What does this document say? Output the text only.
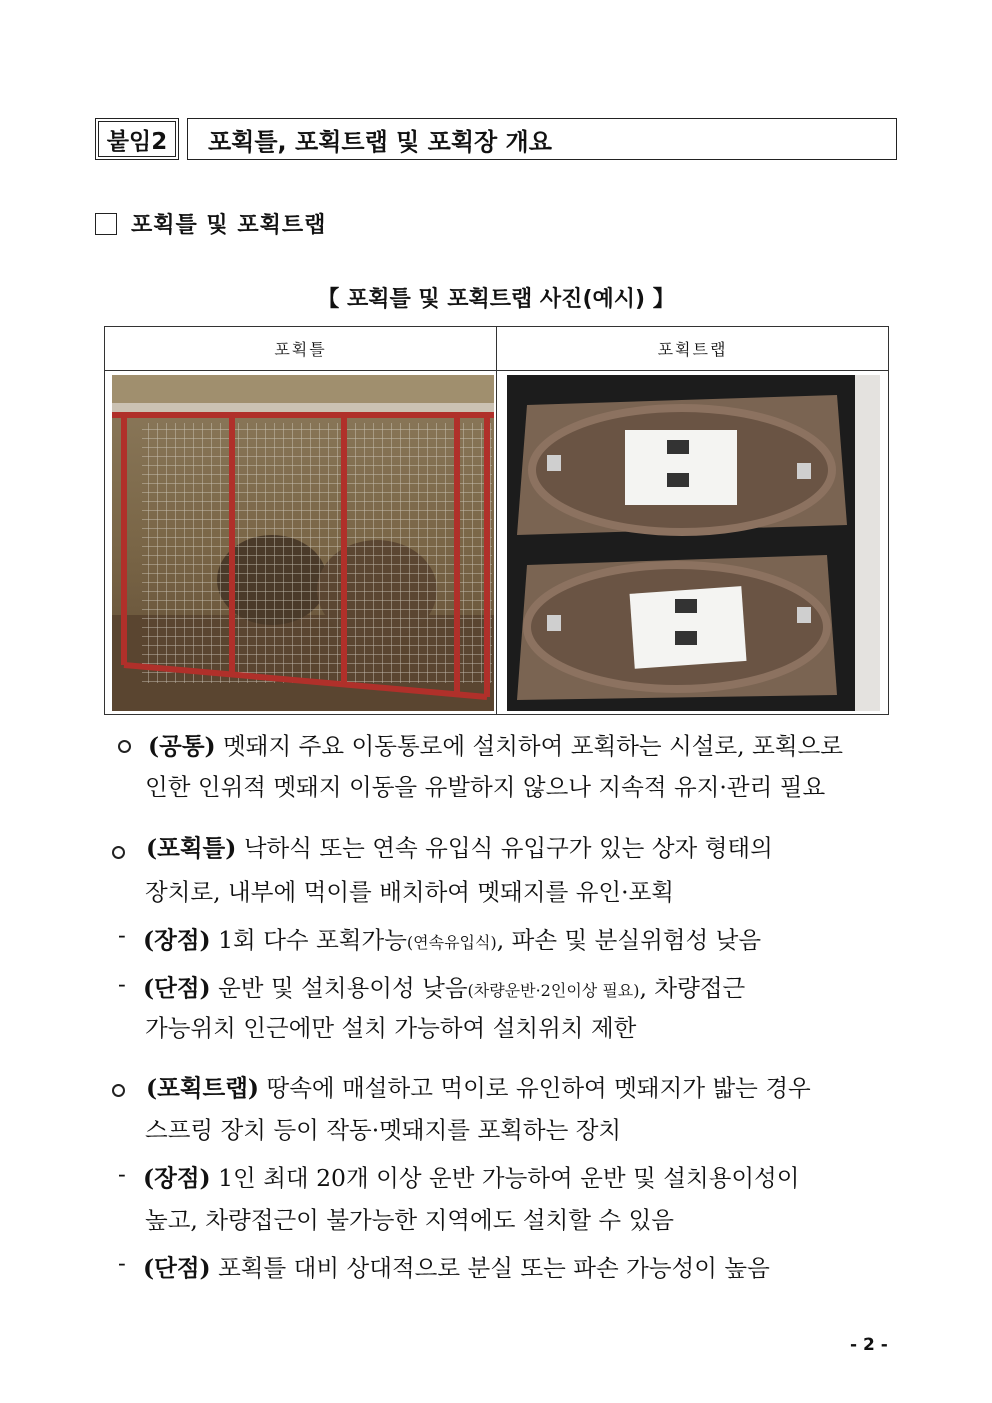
붙임2	포획틀, 포획트랩 및 포획장 개요
포획틀 및 포획트랩
【 포획틀 및 포획트랩 사진(예시) 】
포획틀	포획트랩
(공통) 멧돼지 주요 이동통로에 설치하여 포획하는 시설로, 포획으로
인한 인위적 멧돼지 이동을 유발하지 않으나 지속적 유지·관리 필요
(포획틀) 낙하식 또는 연속 유입식 유입구가 있는 상자 형태의
장치로, 내부에 먹이를 배치하여 멧돼지를 유인·포획
- (장점) 1회 다수 포획가능(연속유입식), 파손 및 분실위험성 낮음
- (단점) 운반 및 설치용이성 낮음(차량운반·2인이상 필요), 차량접근
가능위치 인근에만 설치 가능하여 설치위치 제한
(포획트랩) 땅속에 매설하고 먹이로 유인하여 멧돼지가 밟는 경우
스프링 장치 등이 작동·멧돼지를 포획하는 장치
- (장점) 1인 최대 20개 이상 운반 가능하여 운반 및 설치용이성이
높고, 차량접근이 불가능한 지역에도 설치할 수 있음
- (단점) 포획틀 대비 상대적으로 분실 또는 파손 가능성이 높음
- 2 -
